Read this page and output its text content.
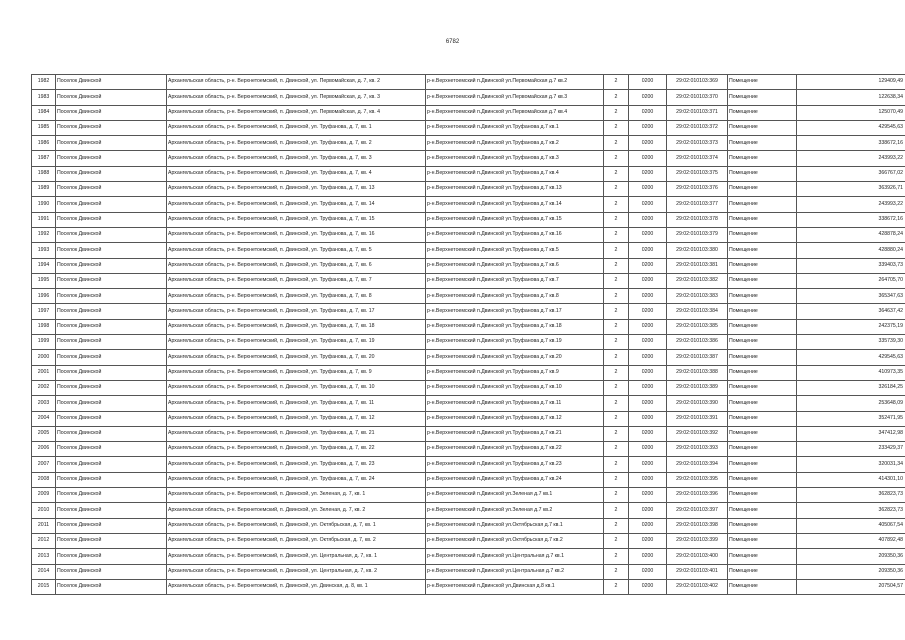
6782
1982	Поселок Двинской	Архангельская область, р-н. Верхнетоемский, п. Двинской, ул. Первомайская, д. 7, кв. 2	р-н.Верхнетоемский п.Двинской ул.Первомайская д.7 кв.2	2	0200	29:02:010103:369	Помещение	129409,49
1983	Поселок Двинской	Архангельская область, р-н. Верхнетоемский, п. Двинской, ул. Первомайская, д. 7, кв. 3	р-н.Верхнетоемский п.Двинской ул.Первомайская д.7 кв.3	2	0200	29:02:010103:370	Помещение	122638,34
1984	Поселок Двинской	Архангельская область, р-н. Верхнетоемский, п. Двинской, ул. Первомайская, д. 7, кв. 4	р-н.Верхнетоемский п.Двинской ул.Первомайская д.7 кв.4	2	0200	29:02:010103:371	Помещение	125070,49
1985	Поселок Двинской	Архангельская область, р-н. Верхнетоемский, п. Двинской, ул. Труфанова, д. 7, кв. 1	р-н.Верхнетоемский п.Двинской ул.Труфанова д.7 кв.1	2	0200	29:02:010103:372	Помещение	429545,63
1986	Поселок Двинской	Архангельская область, р-н. Верхнетоемский, п. Двинской, ул. Труфанова, д. 7, кв. 2	р-н.Верхнетоемский п.Двинской ул.Труфанова д.7 кв.2	2	0200	29:02:010103:373	Помещение	338672,16
1987	Поселок Двинской	Архангельская область, р-н. Верхнетоемский, п. Двинской, ул. Труфанова, д. 7, кв. 3	р-н.Верхнетоемский п.Двинской ул.Труфанова д.7 кв.3	2	0200	29:02:010103:374	Помещение	243993,22
1988	Поселок Двинской	Архангельская область, р-н. Верхнетоемский, п. Двинской, ул. Труфанова, д. 7, кв. 4	р-н.Верхнетоемский п.Двинской ул.Труфанова д.7 кв.4	2	0200	29:02:010103:375	Помещение	366767,02
1989	Поселок Двинской	Архангельская область, р-н. Верхнетоемский, п. Двинской, ул. Труфанова, д. 7, кв. 13	р-н.Верхнетоемский п.Двинской ул.Труфанова д.7 кв.13	2	0200	29:02:010103:376	Помещение	363926,71
1990	Поселок Двинской	Архангельская область, р-н. Верхнетоемский, п. Двинской, ул. Труфанова, д. 7, кв. 14	р-н.Верхнетоемский п.Двинской ул.Труфанова д.7 кв.14	2	0200	29:02:010103:377	Помещение	243993,22
1991	Поселок Двинской	Архангельская область, р-н. Верхнетоемский, п. Двинской, ул. Труфанова, д. 7, кв. 15	р-н.Верхнетоемский п.Двинской ул.Труфанова д.7 кв.15	2	0200	29:02:010103:378	Помещение	338672,16
1992	Поселок Двинской	Архангельская область, р-н. Верхнетоемский, п. Двинской, ул. Труфанова, д. 7, кв. 16	р-н.Верхнетоемский п.Двинской ул.Труфанова д.7 кв.16	2	0200	29:02:010103:379	Помещение	428878,24
1993	Поселок Двинской	Архангельская область, р-н. Верхнетоемский, п. Двинской, ул. Труфанова, д. 7, кв. 5	р-н.Верхнетоемский п.Двинской ул.Труфанова д.7 кв.5	2	0200	29:02:010103:380	Помещение	428880,24
1994	Поселок Двинской	Архангельская область, р-н. Верхнетоемский, п. Двинской, ул. Труфанова, д. 7, кв. 6	р-н.Верхнетоемский п.Двинской ул.Труфанова д.7 кв.6	2	0200	29:02:010103:381	Помещение	339403,73
1995	Поселок Двинской	Архангельская область, р-н. Верхнетоемский, п. Двинской, ул. Труфанова, д. 7, кв. 7	р-н.Верхнетоемский п.Двинской ул.Труфанова д.7 кв.7	2	0200	29:02:010103:382	Помещение	264705,70
1996	Поселок Двинской	Архангельская область, р-н. Верхнетоемский, п. Двинской, ул. Труфанова, д. 7, кв. 8	р-н.Верхнетоемский п.Двинской ул.Труфанова д.7 кв.8	2	0200	29:02:010103:383	Помещение	365347,63
1997	Поселок Двинской	Архангельская область, р-н. Верхнетоемский, п. Двинской, ул. Труфанова, д. 7, кв. 17	р-н.Верхнетоемский п.Двинской ул.Труфанова д.7 кв.17	2	0200	29:02:010103:384	Помещение	364637,42
1998	Поселок Двинской	Архангельская область, р-н. Верхнетоемский, п. Двинской, ул. Труфанова, д. 7, кв. 18	р-н.Верхнетоемский п.Двинской ул.Труфанова д.7 кв.18	2	0200	29:02:010103:385	Помещение	242375,19
1999	Поселок Двинской	Архангельская область, р-н. Верхнетоемский, п. Двинской, ул. Труфанова, д. 7, кв. 19	р-н.Верхнетоемский п.Двинской ул.Труфанова д.7 кв.19	2	0200	29:02:010103:386	Помещение	335739,30
2000	Поселок Двинской	Архангельская область, р-н. Верхнетоемский, п. Двинской, ул. Труфанова, д. 7, кв. 20	р-н.Верхнетоемский п.Двинской ул.Труфанова д.7 кв.20	2	0200	29:02:010103:387	Помещение	429545,63
2001	Поселок Двинской	Архангельская область, р-н. Верхнетоемский, п. Двинской, ул. Труфанова, д. 7, кв. 9	р-н.Верхнетоемский п.Двинской ул.Труфанова д.7 кв.9	2	0200	29:02:010103:388	Помещение	410973,35
2002	Поселок Двинской	Архангельская область, р-н. Верхнетоемский, п. Двинской, ул. Труфанова, д. 7, кв. 10	р-н.Верхнетоемский п.Двинской ул.Труфанова д.7 кв.10	2	0200	29:02:010103:389	Помещение	326184,25
2003	Поселок Двинской	Архангельская область, р-н. Верхнетоемский, п. Двинской, ул. Труфанова, д. 7, кв. 11	р-н.Верхнетоемский п.Двинской ул.Труфанова д.7 кв.11	2	0200	29:02:010103:390	Помещение	253648,09
2004	Поселок Двинской	Архангельская область, р-н. Верхнетоемский, п. Двинской, ул. Труфанова, д. 7, кв. 12	р-н.Верхнетоемский п.Двинской ул.Труфанова д.7 кв.12	2	0200	29:02:010103:391	Помещение	352471,95
2005	Поселок Двинской	Архангельская область, р-н. Верхнетоемский, п. Двинской, ул. Труфанова, д. 7, кв. 21	р-н.Верхнетоемский п.Двинской ул.Труфанова д.7 кв.21	2	0200	29:02:010103:392	Помещение	347412,98
2006	Поселок Двинской	Архангельская область, р-н. Верхнетоемский, п. Двинской, ул. Труфанова, д. 7, кв. 22	р-н.Верхнетоемский п.Двинской ул.Труфанова д.7 кв.22	2	0200	29:02:010103:393	Помещение	233429,37
2007	Поселок Двинской	Архангельская область, р-н. Верхнетоемский, п. Двинской, ул. Труфанова, д. 7, кв. 23	р-н.Верхнетоемский п.Двинской ул.Труфанова д.7 кв.23	2	0200	29:02:010103:394	Помещение	320031,34
2008	Поселок Двинской	Архангельская область, р-н. Верхнетоемский, п. Двинской, ул. Труфанова, д. 7, кв. 24	р-н.Верхнетоемский п.Двинской ул.Труфанова д.7 кв.24	2	0200	29:02:010103:395	Помещение	414301,10
2009	Поселок Двинской	Архангельская область, р-н. Верхнетоемский, п. Двинской, ул. Зеленая, д. 7, кв. 1	р-н.Верхнетоемский п.Двинской ул.Зеленая д.7 кв.1	2	0200	29:02:010103:396	Помещение	362823,73
2010	Поселок Двинской	Архангельская область, р-н. Верхнетоемский, п. Двинской, ул. Зеленая, д. 7, кв. 2	р-н.Верхнетоемский п.Двинской ул.Зеленая д.7 кв.2	2	0200	29:02:010103:397	Помещение	362823,73
2011	Поселок Двинской	Архангельская область, р-н. Верхнетоемский, п. Двинской, ул. Октябрьская, д. 7, кв. 1	р-н.Верхнетоемский п.Двинской ул.Октябрьская д.7 кв.1	2	0200	29:02:010103:398	Помещение	405067,54
2012	Поселок Двинской	Архангельская область, р-н. Верхнетоемский, п. Двинской, ул. Октябрьская, д. 7, кв. 2	р-н.Верхнетоемский п.Двинской ул.Октябрьская д.7 кв.2	2	0200	29:02:010103:399	Помещение	407892,48
2013	Поселок Двинской	Архангельская область, р-н. Верхнетоемский, п. Двинской, ул. Центральная, д. 7, кв. 1	р-н.Верхнетоемский п.Двинской ул.Центральная д.7 кв.1	2	0200	29:02:010103:400	Помещение	209350,36
2014	Поселок Двинской	Архангельская область, р-н. Верхнетоемский, п. Двинской, ул. Центральная, д. 7, кв. 2	р-н.Верхнетоемский п.Двинской ул.Центральная д.7 кв.2	2	0200	29:02:010103:401	Помещение	209350,36
2015	Поселок Двинской	Архангельская область, р-н. Верхнетоемский, п. Двинской, ул. Двинская, д. 8, кв. 1	р-н.Верхнетоемский п.Двинской ул.Двинская д.8 кв.1	2	0200	29:02:010103:402	Помещение	207504,57
